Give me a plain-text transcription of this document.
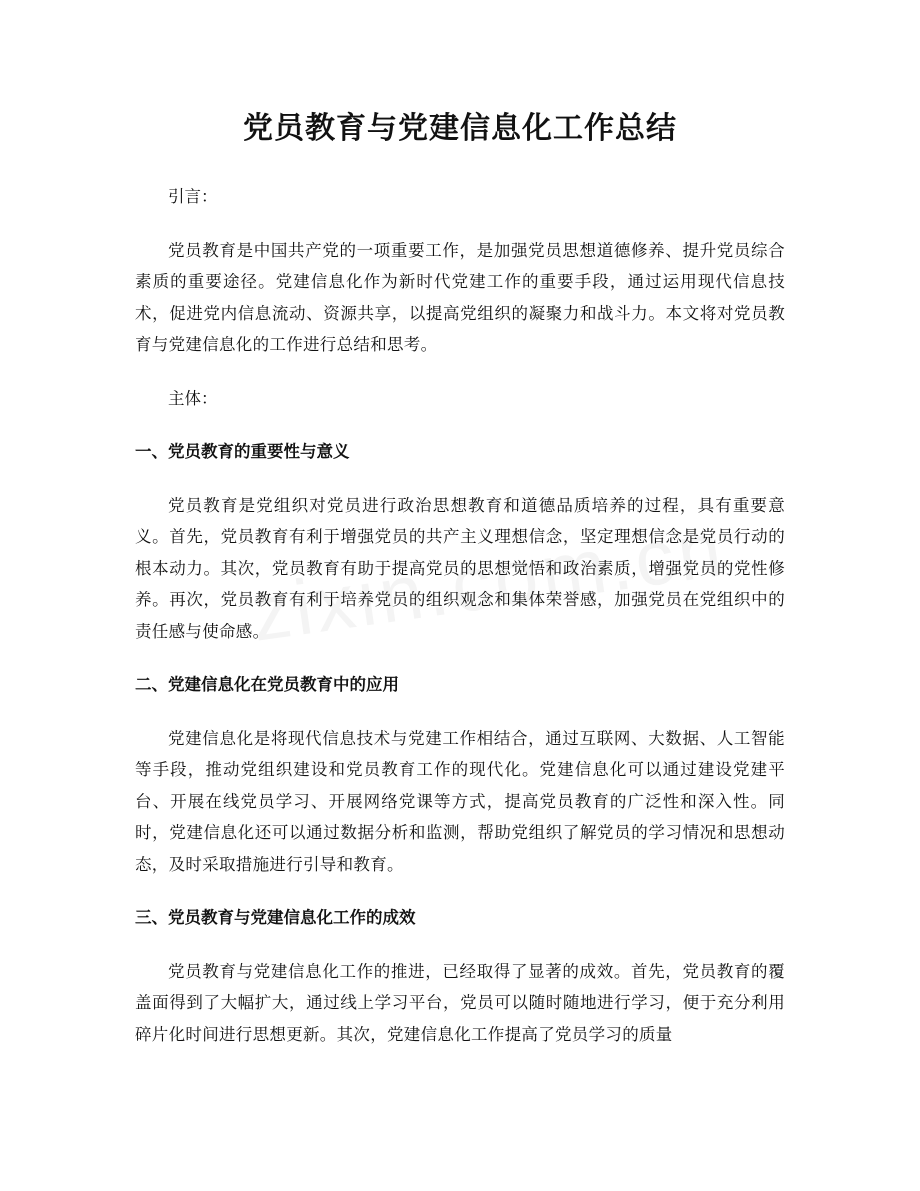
党员教育与党建信息化工作总结

引言：

党员教育是中国共产党的一项重要工作，是加强党员思想道德修养、提升党员综合素质的重要途径。党建信息化作为新时代党建工作的重要手段，通过运用现代信息技术，促进党内信息流动、资源共享，以提高党组织的凝聚力和战斗力。本文将对党员教育与党建信息化的工作进行总结和思考。

主体：

一、党员教育的重要性与意义

党员教育是党组织对党员进行政治思想教育和道德品质培养的过程，具有重要意义。首先，党员教育有利于增强党员的共产主义理想信念，坚定理想信念是党员行动的根本动力。其次，党员教育有助于提高党员的思想觉悟和政治素质，增强党员的党性修养。再次，党员教育有利于培养党员的组织观念和集体荣誉感，加强党员在党组织中的责任感与使命感。

二、党建信息化在党员教育中的应用

党建信息化是将现代信息技术与党建工作相结合，通过互联网、大数据、人工智能等手段，推动党组织建设和党员教育工作的现代化。党建信息化可以通过建设党建平台、开展在线党员学习、开展网络党课等方式，提高党员教育的广泛性和深入性。同时，党建信息化还可以通过数据分析和监测，帮助党组织了解党员的学习情况和思想动态，及时采取措施进行引导和教育。

三、党员教育与党建信息化工作的成效

党员教育与党建信息化工作的推进，已经取得了显著的成效。首先，党员教育的覆盖面得到了大幅扩大，通过线上学习平台，党员可以随时随地进行学习，便于充分利用碎片化时间进行思想更新。其次，党建信息化工作提高了党员学习的质量
